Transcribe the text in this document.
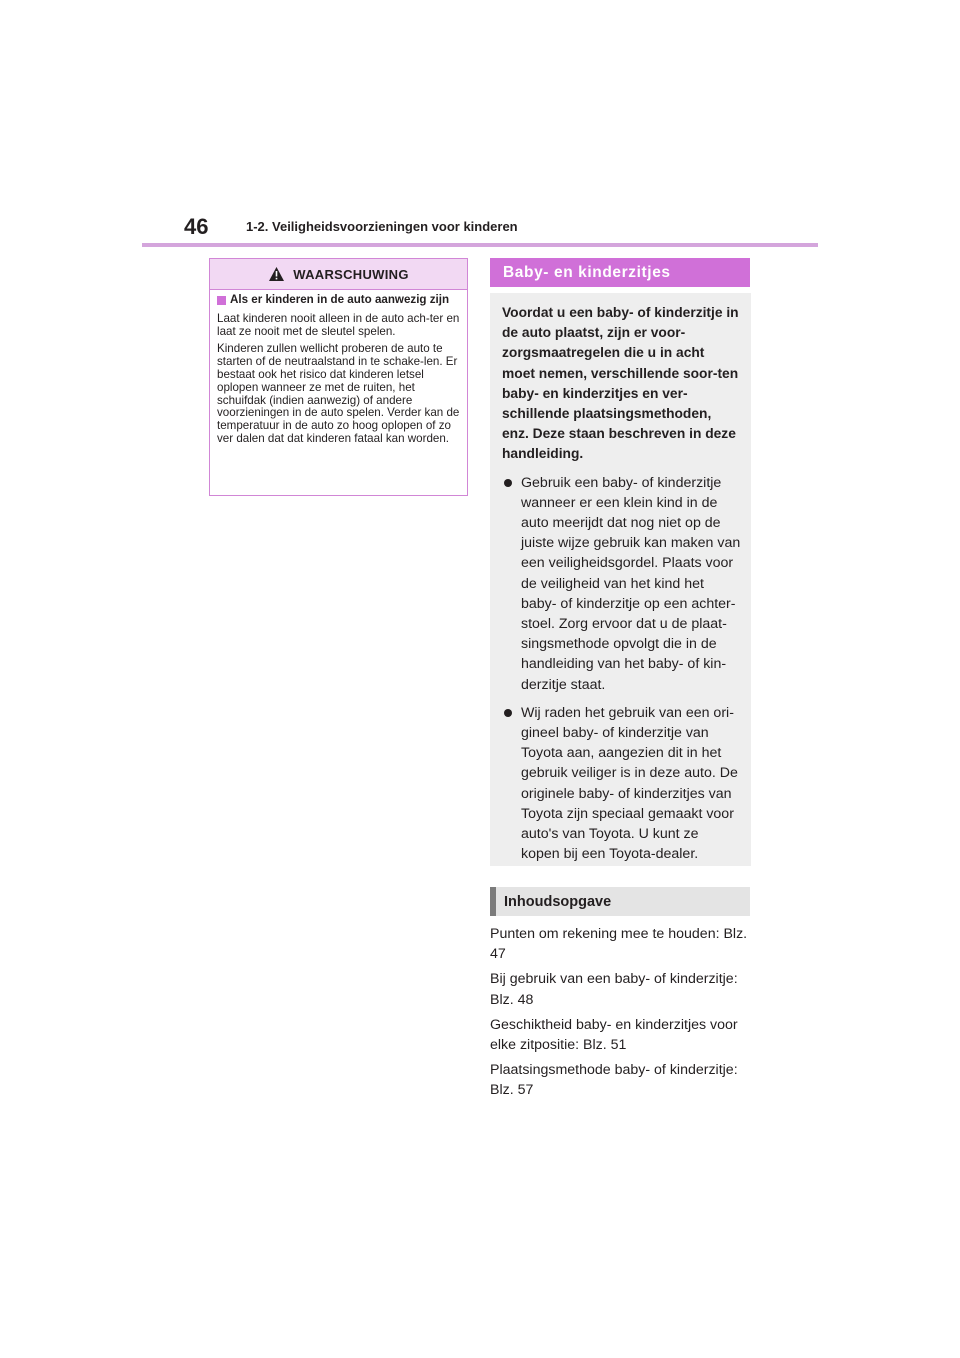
46	1-2. Veiligheidsvoorzieningen voor kinderen
WAARSCHUWING
Als er kinderen in de auto aanwezig zijn

Laat kinderen nooit alleen in de auto ach-ter en laat ze nooit met de sleutel spelen.

Kinderen zullen wellicht proberen de auto te starten of de neutraalstand in te schake-len. Er bestaat ook het risico dat kinderen letsel oplopen wanneer ze met de ruiten, het schuifdak (indien aanwezig) of andere voorzieningen in de auto spelen. Verder kan de temperatuur in de auto zo hoog oplopen of zo ver dalen dat dat kinderen fataal kan worden.

Baby- en kinderzitjes

Voordat u een baby- of kinderzitje in de auto plaatst, zijn er voor-zorgsmaatregelen die u in acht moet nemen, verschillende soor-ten baby- en kinderzitjes en ver-schillende plaatsingsmethoden, enz. Deze staan beschreven in deze handleiding.

Gebruik een baby- of kinderzitje wanneer er een klein kind in de auto meerijdt dat nog niet op de juiste wijze gebruik kan maken van een veiligheidsgordel. Plaats voor de veiligheid van het kind het baby- of kinderzitje op een achter-stoel. Zorg ervoor dat u de plaat-singsmethode opvolgt die in de handleiding van het baby- of kin-derzitje staat.
Wij raden het gebruik van een ori-gineel baby- of kinderzitje van Toyota aan, aangezien dit in het gebruik veiliger is in deze auto. De originele baby- of kinderzitjes van Toyota zijn speciaal gemaakt voor auto's van Toyota. U kunt ze kopen bij een Toyota-dealer.
Inhoudsopgave

Punten om rekening mee te houden: Blz. 47

Bij gebruik van een baby- of kinderzitje: Blz. 48

Geschiktheid baby- en kinderzitjes voor elke zitpositie: Blz. 51

Plaatsingsmethode baby- of kinderzitje: Blz. 57
